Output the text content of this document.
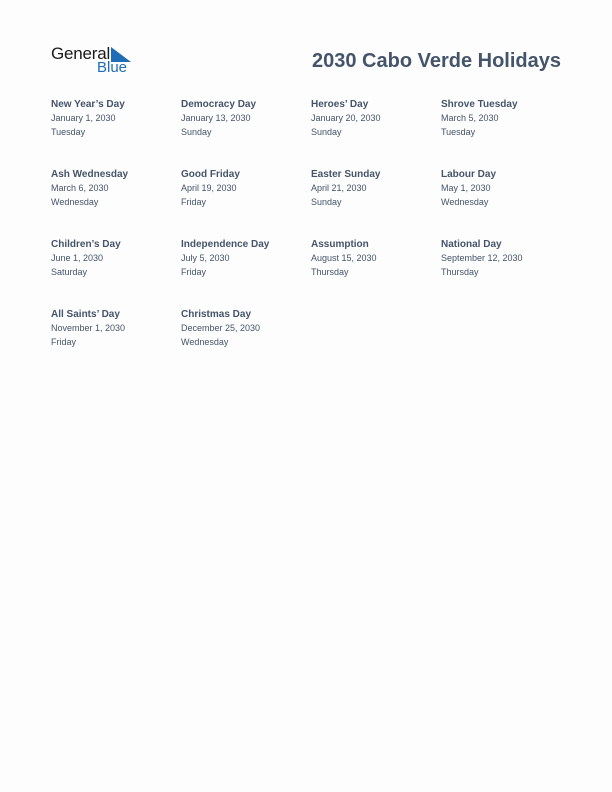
General
Blue	2030 Cabo Verde Holidays
New Year’s Day
January 1, 2030
Tuesday
Democracy Day
January 13, 2030
Sunday
Heroes’ Day
January 20, 2030
Sunday
Shrove Tuesday
March 5, 2030
Tuesday
Ash Wednesday
March 6, 2030
Wednesday
Good Friday
April 19, 2030
Friday
Easter Sunday
April 21, 2030
Sunday
Labour Day
May 1, 2030
Wednesday
Children’s Day
June 1, 2030
Saturday
Independence Day
July 5, 2030
Friday
Assumption
August 15, 2030
Thursday
National Day
September 12, 2030
Thursday
All Saints’ Day
November 1, 2030
Friday
Christmas Day
December 25, 2030
Wednesday
